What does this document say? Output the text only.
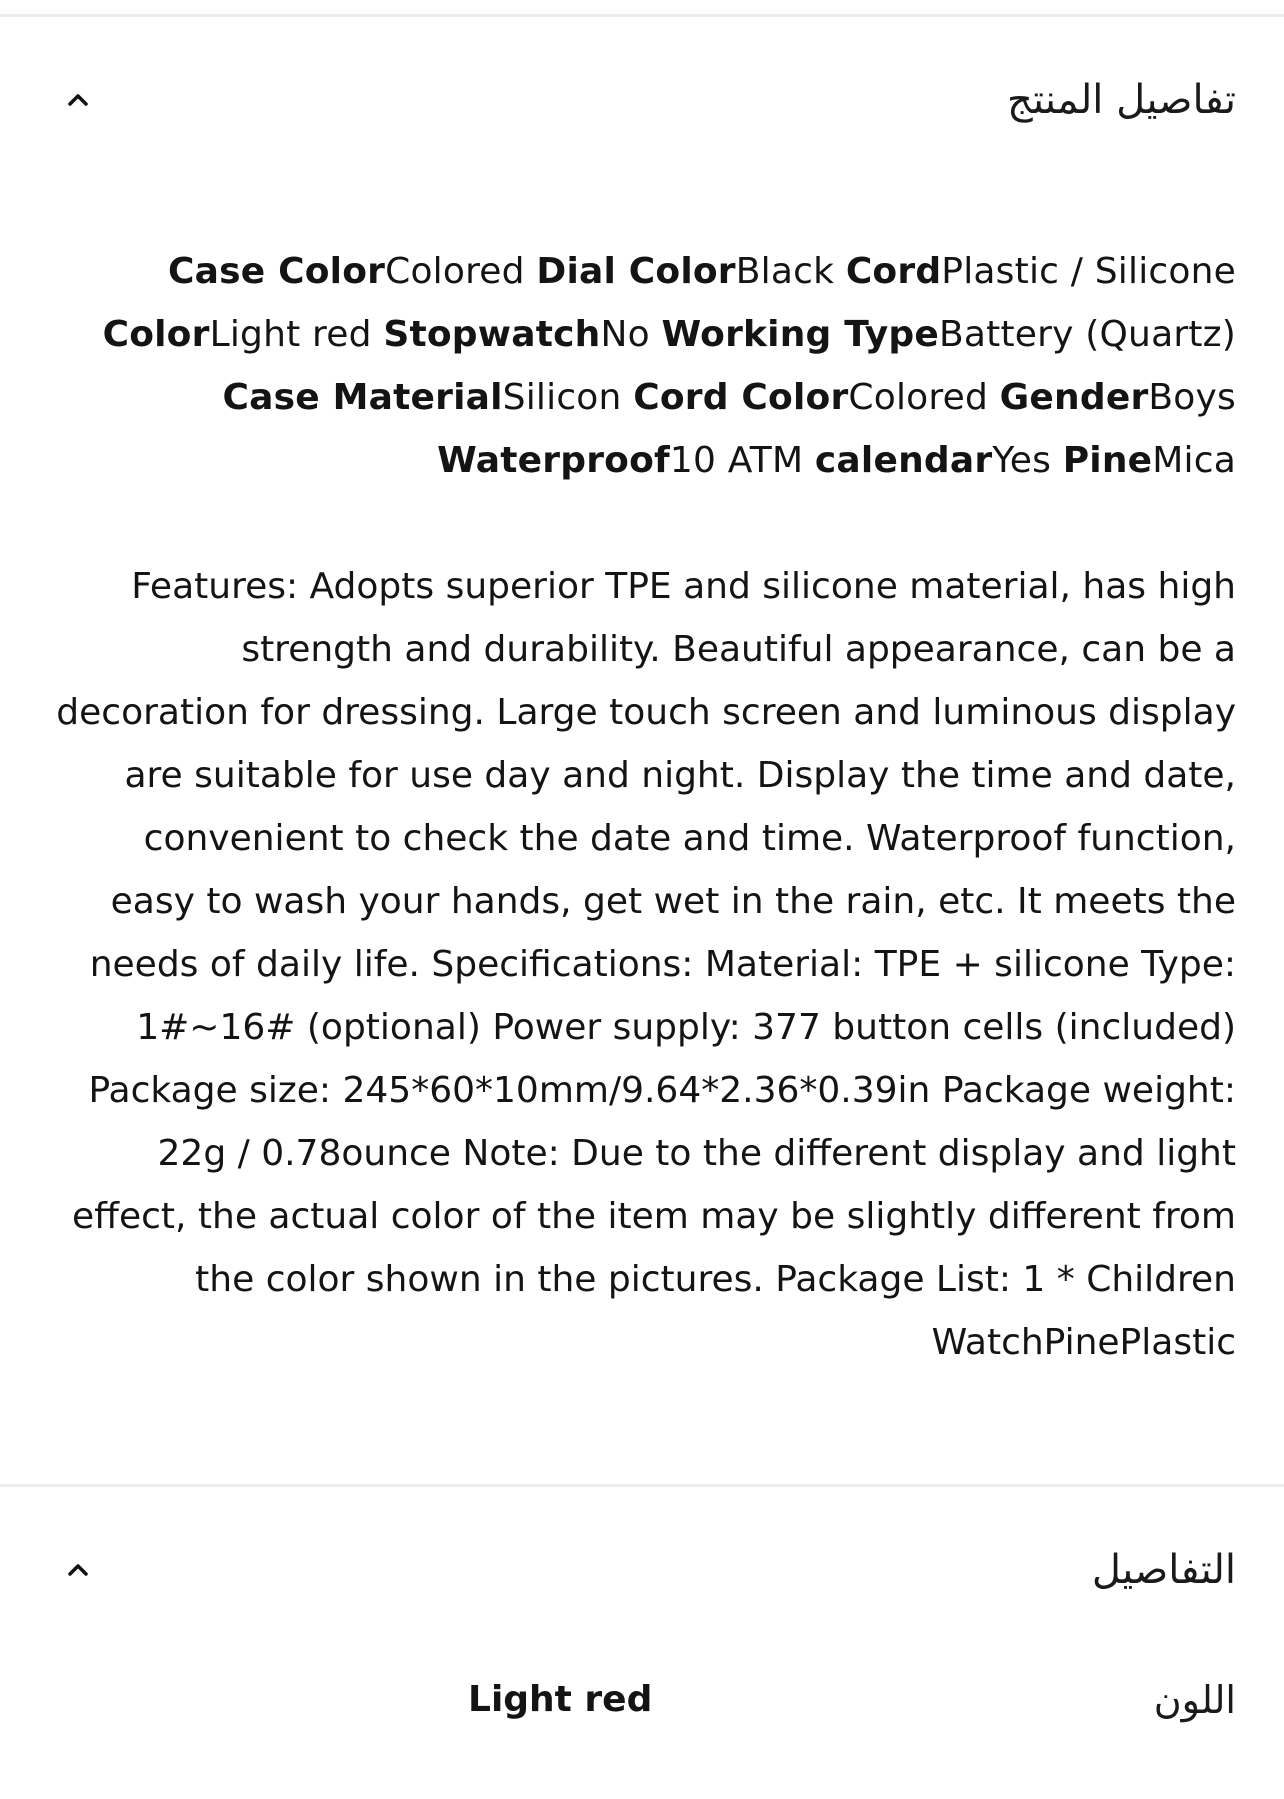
تفاصيل المنتج
Case ColorColored Dial ColorBlack CordPlastic / Silicone ColorLight red StopwatchNo Working TypeBattery (Quartz) Case MaterialSilicon Cord ColorColored GenderBoys Waterproof10 ATM calendarYes PineMica
Features: Adopts superior TPE and silicone material, has high strength and durability. Beautiful appearance, can be a decoration for dressing. Large touch screen and luminous display are suitable for use day and night. Display the time and date, convenient to check the date and time. Waterproof function, easy to wash your hands, get wet in the rain, etc. It meets the needs of daily life. Specifications: Material: TPE + silicone Type: 1#~16# (optional) Power supply: 377 button cells (included) Package size: 245*60*10mm/9.64*2.36*0.39in Package weight: 22g / 0.78ounce Note: Due to the different display and light effect, the actual color of the item may be slightly different from the color shown in the pictures. Package List: 1 * Children WatchPinePlastic
التفاصيل
Light red	اللون
